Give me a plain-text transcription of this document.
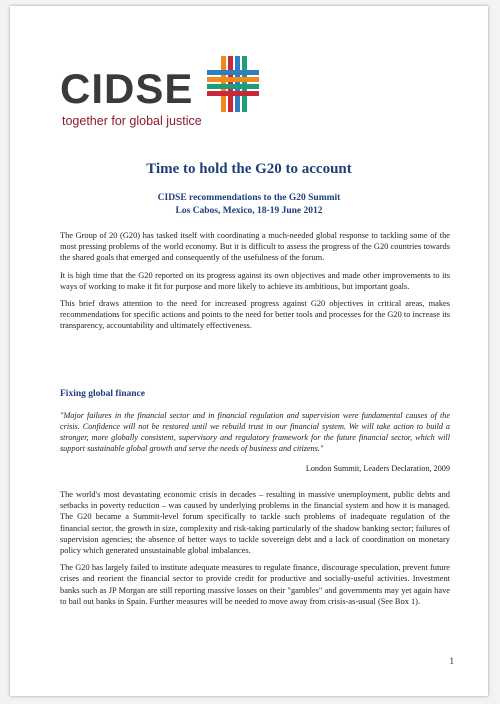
CIDSE
together for global justice
Time to hold the G20 to account
CIDSE recommendations to the G20 Summit
Los Cabos, Mexico, 18-19 June 2012

The Group of 20 (G20) has tasked itself with coordinating a much-needed global response to tackling some of the most pressing problems of the world economy. But it is difficult to assess the progress of the G20 countries towards the shared goals that emerged and consequently of the usefulness of the forum.

It is high time that the G20 reported on its progress against its own objectives and made other improvements to its ways of working to make it fit for purpose and more likely to achieve its ambitious, but important goals.

This brief draws attention to the need for increased progress against G20 objectives in critical areas, makes recommendations for specific actions and points to the need for better tools and processes for the G20 to increase its transparency, accountability and ultimately effectiveness.

Fixing global finance
"Major failures in the financial sector and in financial regulation and supervision were fundamental causes of the crisis. Confidence will not be restored until we rebuild trust in our financial system. We will take action to build a stronger, more globally consistent, supervisory and regulatory framework for the future financial sector, which will support sustainable global growth and serve the needs of business and citizens."
London Summit, Leaders Declaration, 2009

The world's most devastating economic crisis in decades – resulting in massive unemployment, public debts and setbacks in poverty reduction – was caused by underlying problems in the financial system and how it is managed. The G20 became a Summit-level forum specifically to tackle such problems of inadequate regulation of the financial sector, the growth in size, complexity and risk-taking particularly of the shadow banking sector; failures of supervision agencies; the absence of better ways to tackle sovereign debt and a lack of coordination on monetary policy which generated unsustainable global imbalances.

The G20 has largely failed to institute adequate measures to regulate finance, discourage speculation, prevent future crises and reorient the financial sector to provide credit for productive and socially-useful activities. Investment banks such as JP Morgan are still reporting massive losses on their "gambles" and governments may yet again have to bail out banks in Spain. Further measures will be needed to move away from crisis-as-usual (See Box 1).

1
